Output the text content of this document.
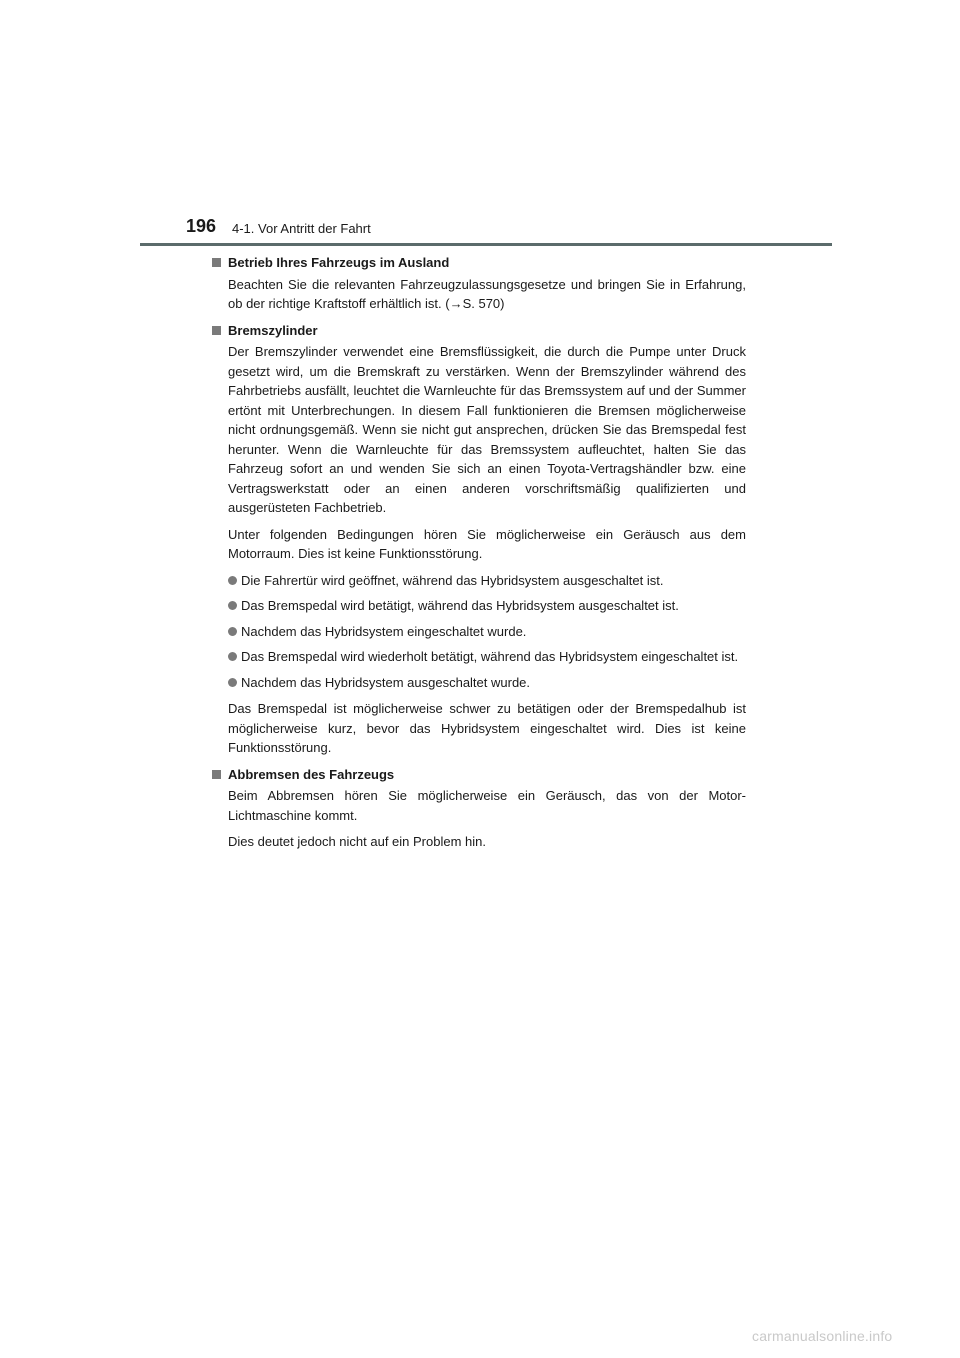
196 4-1. Vor Antritt der Fahrt
Betrieb Ihres Fahrzeugs im Ausland

Beachten Sie die relevanten Fahrzeugzulassungsgesetze und bringen Sie in Erfahrung, ob der richtige Kraftstoff erhältlich ist. (→S. 570)

Bremszylinder

Der Bremszylinder verwendet eine Bremsflüssigkeit, die durch die Pumpe unter Druck gesetzt wird, um die Bremskraft zu verstärken. Wenn der Bremszylinder während des Fahrbetriebs ausfällt, leuchtet die Warnleuchte für das Bremssystem auf und der Summer ertönt mit Unterbrechungen. In diesem Fall funktionieren die Bremsen möglicherweise nicht ordnungsgemäß. Wenn sie nicht gut ansprechen, drücken Sie das Bremspedal fest herunter. Wenn die Warnleuchte für das Bremssystem aufleuchtet, halten Sie das Fahrzeug sofort an und wenden Sie sich an einen Toyota-Vertragshändler bzw. eine Vertragswerkstatt oder an einen anderen vorschriftsmäßig qualifizierten und ausgerüsteten Fachbetrieb.

Unter folgenden Bedingungen hören Sie möglicherweise ein Geräusch aus dem Motorraum. Dies ist keine Funktionsstörung.

Die Fahrertür wird geöffnet, während das Hybridsystem ausgeschaltet ist.
Das Bremspedal wird betätigt, während das Hybridsystem ausgeschaltet ist.
Nachdem das Hybridsystem eingeschaltet wurde.
Das Bremspedal wird wiederholt betätigt, während das Hybridsystem eingeschaltet ist.
Nachdem das Hybridsystem ausgeschaltet wurde.

Das Bremspedal ist möglicherweise schwer zu betätigen oder der Bremspedalhub ist möglicherweise kurz, bevor das Hybridsystem eingeschaltet wird. Dies ist keine Funktionsstörung.

Abbremsen des Fahrzeugs

Beim Abbremsen hören Sie möglicherweise ein Geräusch, das von der Motor-Lichtmaschine kommt.

Dies deutet jedoch nicht auf ein Problem hin.

carmanualsonline.info
